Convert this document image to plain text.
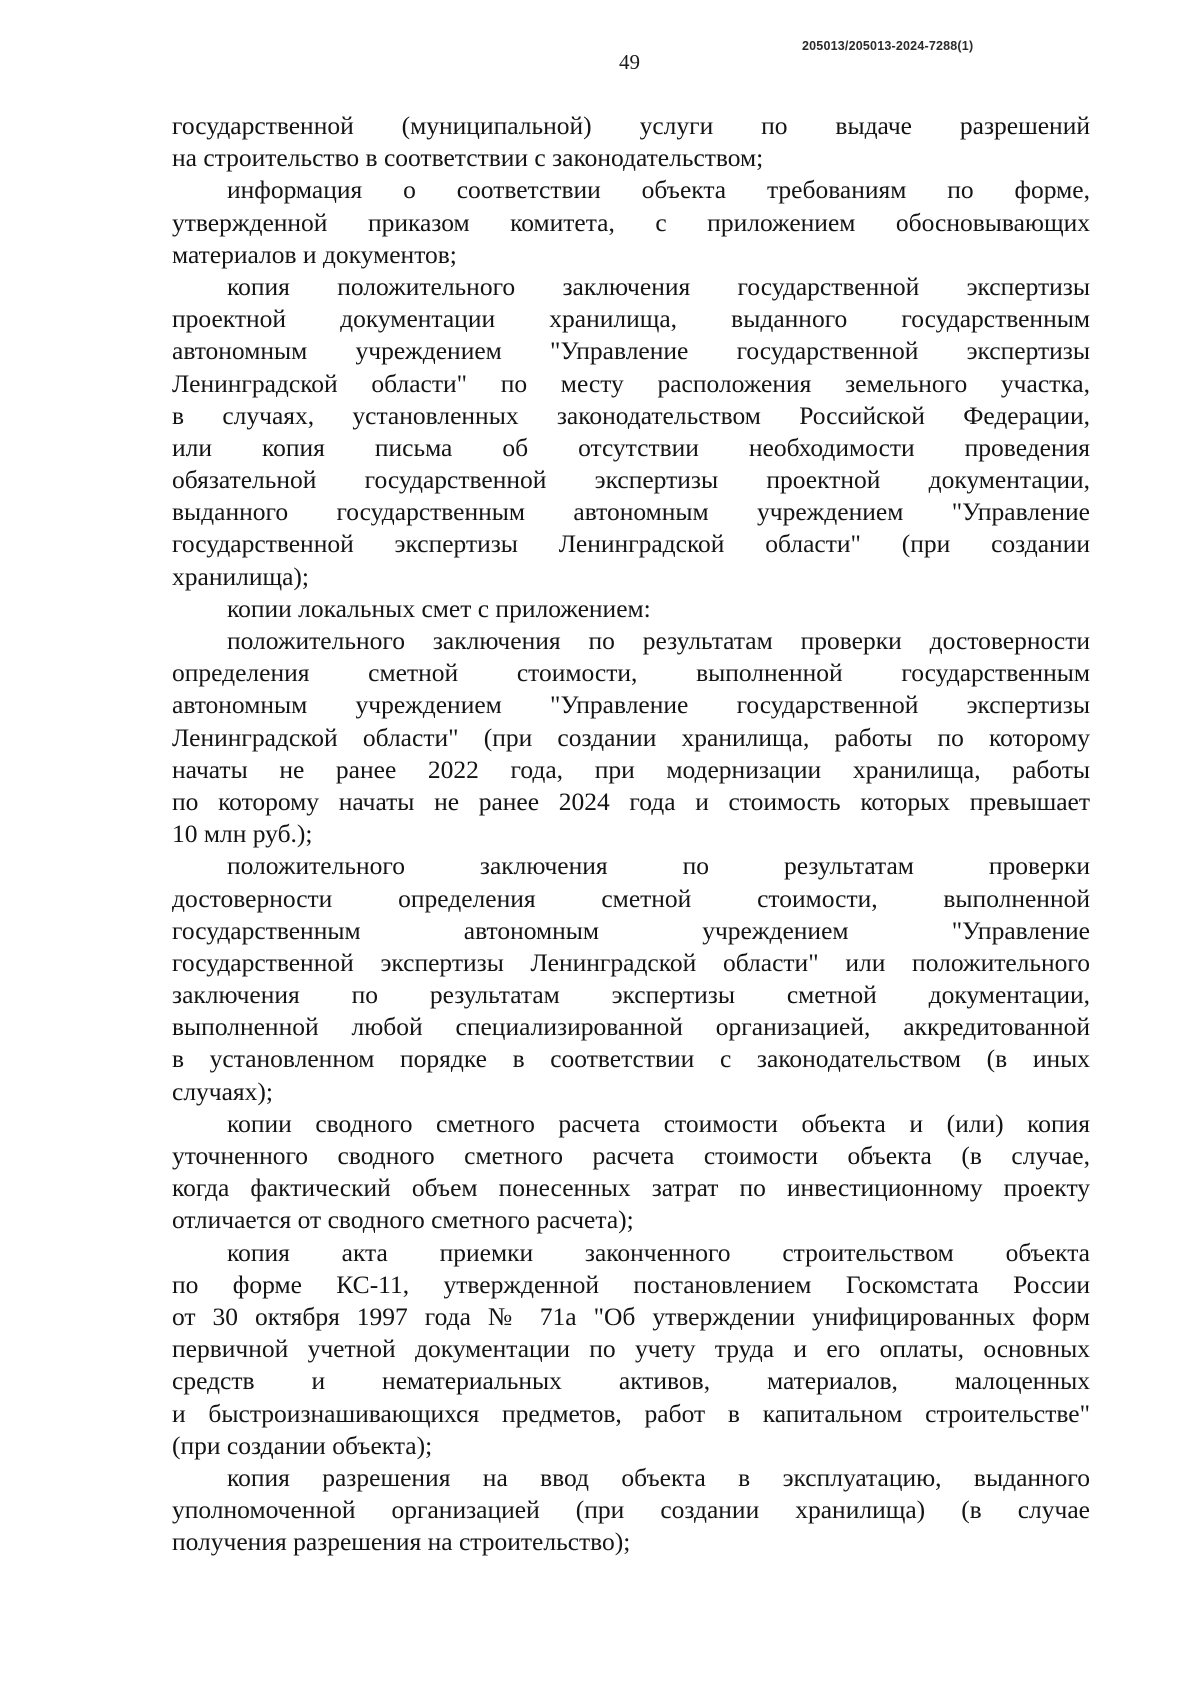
205013/205013-2024-7288(1)
49
государственной (муниципальной) услуги по выдаче разрешений
на строительство в соответствии с законодательством;
информация о соответствии объекта требованиям по форме,
утвержденной приказом комитета, с приложением обосновывающих
материалов и документов;
копия положительного заключения государственной экспертизы
проектной документации хранилища, выданного государственным
автономным учреждением "Управление государственной экспертизы
Ленинградской области" по месту расположения земельного участка,
в случаях, установленных законодательством Российской Федерации,
или копия письма об отсутствии необходимости проведения
обязательной государственной экспертизы проектной документации,
выданного государственным автономным учреждением "Управление
государственной экспертизы Ленинградской области" (при создании
хранилища);
копии локальных смет с приложением:
положительного заключения по результатам проверки достоверности
определения сметной стоимости, выполненной государственным
автономным учреждением "Управление государственной экспертизы
Ленинградской области" (при создании хранилища, работы по которому
начаты не ранее 2022 года, при модернизации хранилища, работы
по которому начаты не ранее 2024 года и стоимость которых превышает
10 млн руб.);
положительного заключения по результатам проверки
достоверности определения сметной стоимости, выполненной
государственным автономным учреждением "Управление
государственной экспертизы Ленинградской области" или положительного
заключения по результатам экспертизы сметной документации,
выполненной любой специализированной организацией, аккредитованной
в установленном порядке в соответствии с законодательством (в иных
случаях);
копии сводного сметного расчета стоимости объекта и (или) копия
уточненного сводного сметного расчета стоимости объекта (в случае,
когда фактический объем понесенных затрат по инвестиционному проекту
отличается от сводного сметного расчета);
копия акта приемки законченного строительством объекта
по форме КС-11, утвержденной постановлением Госкомстата России
от 30 октября 1997 года № 71а "Об утверждении унифицированных форм
первичной учетной документации по учету труда и его оплаты, основных
средств и нематериальных активов, материалов, малоценных
и быстроизнашивающихся предметов, работ в капитальном строительстве"
(при создании объекта);
копия разрешения на ввод объекта в эксплуатацию, выданного
уполномоченной организацией (при создании хранилища) (в случае
получения разрешения на строительство);
